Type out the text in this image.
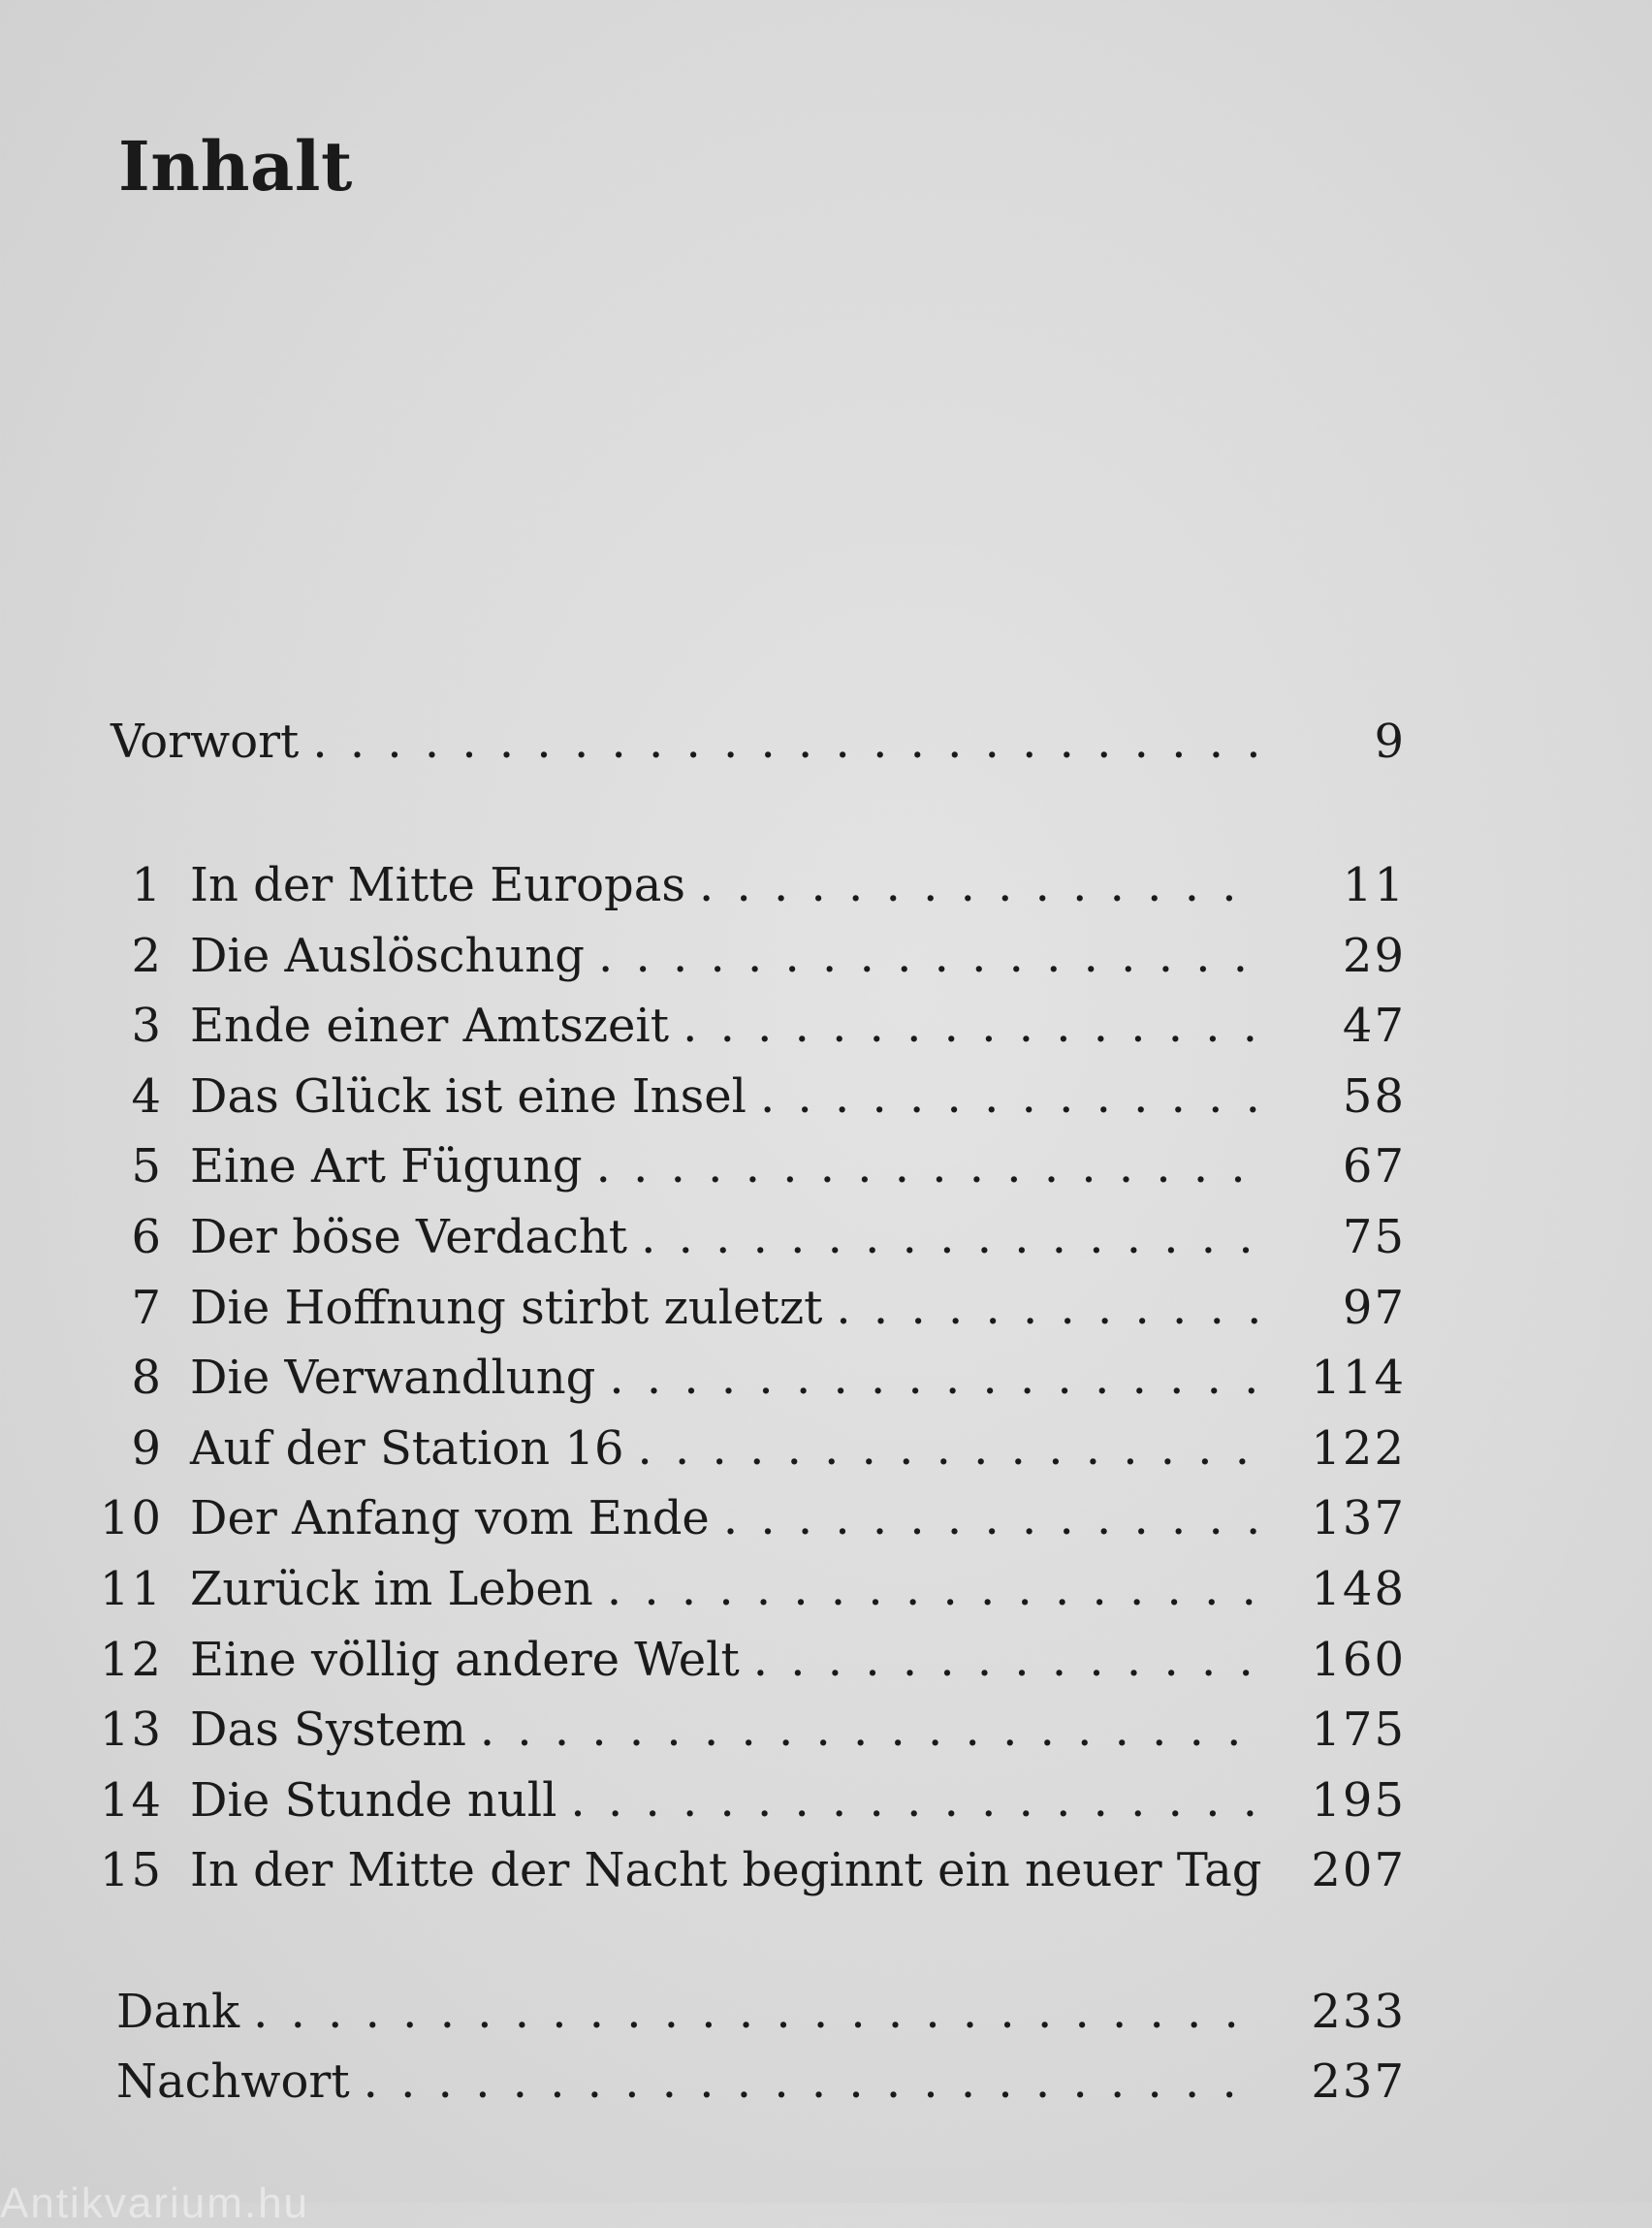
Inhalt
Vorwort . . .	9
1 In der Mitte Europas . . .	11
2 Die Auslöschung . . .	29
3 Ende einer Amtszeit . . .	47
4 Das Glück ist eine Insel . . .	58
5 Eine Art Fügung . . .	67
6 Der böse Verdacht . . .	75
7 Die Hoffnung stirbt zuletzt . . .	97
8 Die Verwandlung . . .	114
9 Auf der Station 16 . . .	122
10 Der Anfang vom Ende . . .	137
11 Zurück im Leben . . .	148
12 Eine völlig andere Welt . . .	160
13 Das System . . .	175
14 Die Stunde null . . .	195
15 In der Mitte der Nacht beginnt ein neuer Tag	207
Dank . . .	233
Nachwort . . .	237
Antikvarium.hu
